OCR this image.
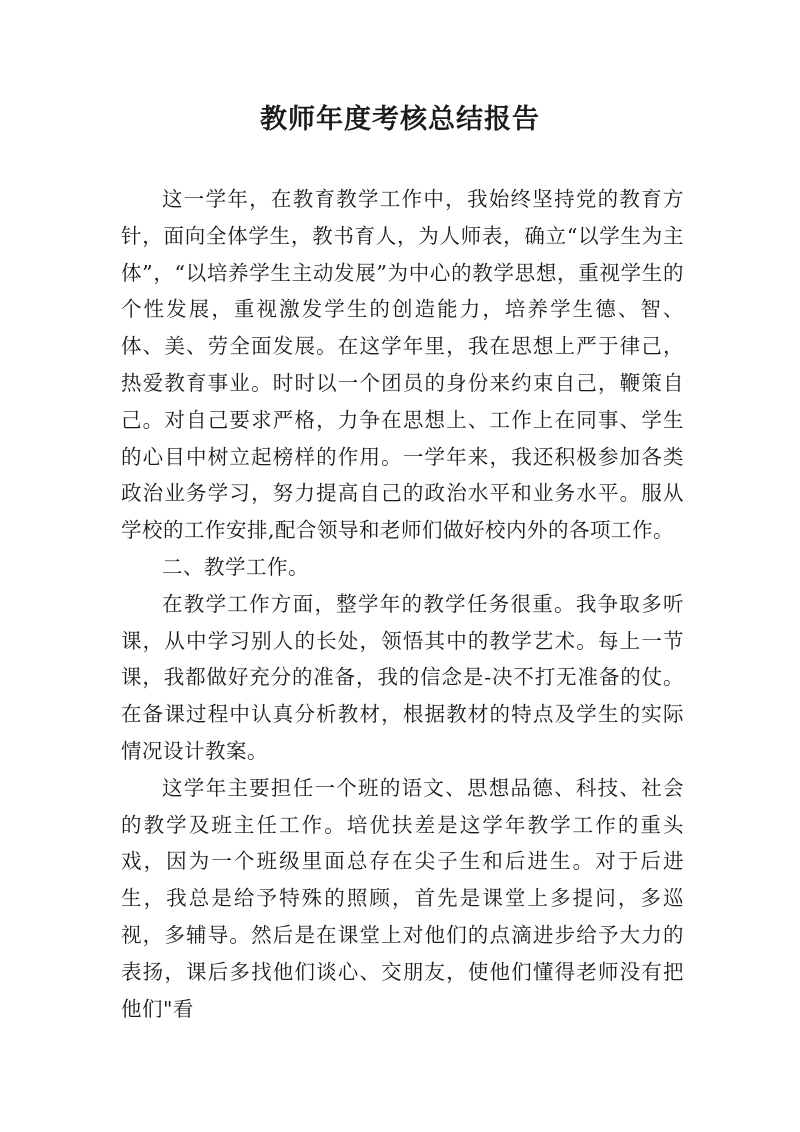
教师年度考核总结报告

这一学年，在教育教学工作中，我始终坚持党的教育方针，面向全体学生，教书育人，为人师表，确立“以学生为主体”，“以培养学生主动发展”为中心的教学思想，重视学生的个性发展，重视激发学生的创造能力，培养学生德、智、体、美、劳全面发展。在这学年里，我在思想上严于律己，热爱教育事业。时时以一个团员的身份来约束自己，鞭策自己。对自己要求严格，力争在思想上、工作上在同事、学生的心目中树立起榜样的作用。一学年来，我还积极参加各类政治业务学习，努力提高自己的政治水平和业务水平。服从学校的工作安排,配合领导和老师们做好校内外的各项工作。

二、教学工作。

在教学工作方面，整学年的教学任务很重。我争取多听课，从中学习别人的长处，领悟其中的教学艺术。每上一节课，我都做好充分的准备，我的信念是-决不打无准备的仗。在备课过程中认真分析教材，根据教材的特点及学生的实际情况设计教案。

这学年主要担任一个班的语文、思想品德、科技、社会的教学及班主任工作。培优扶差是这学年教学工作的重头戏，因为一个班级里面总存在尖子生和后进生。对于后进生，我总是给予特殊的照顾，首先是课堂上多提问，多巡视，多辅导。然后是在课堂上对他们的点滴进步给予大力的表扬，课后多找他们谈心、交朋友，使他们懂得老师没有把他们"看
